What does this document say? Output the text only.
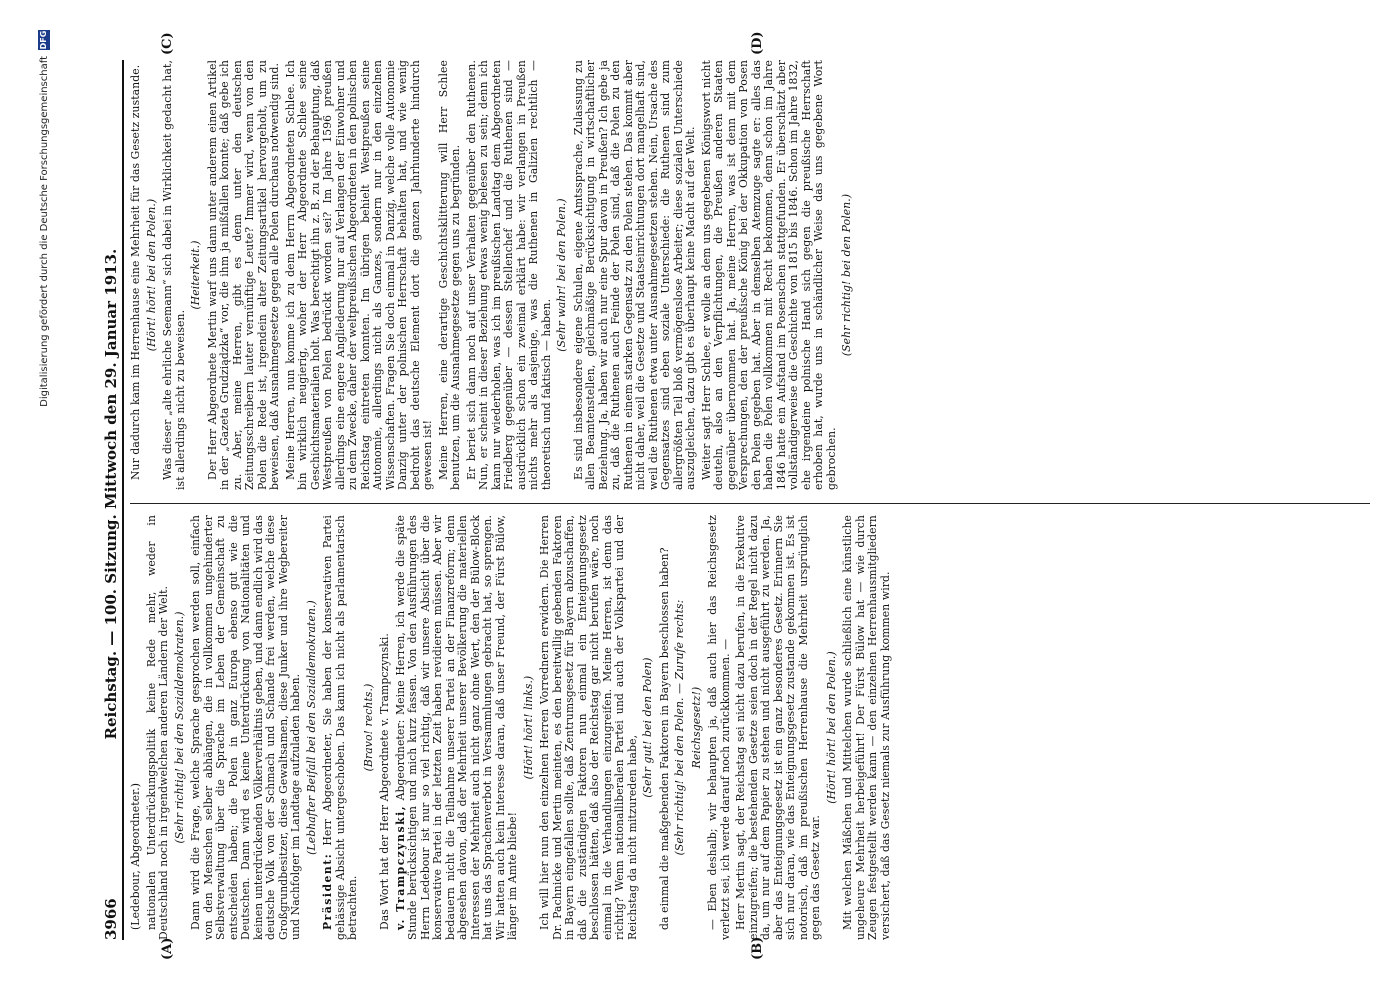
Digitalisierung gefördert durch die Deutsche Forschungsgemeinschaft
DFG
3966
Reichstag. — 100. Sitzung. Mittwoch den 29. Januar 1913.
(A)	(B)
(C)	(D)

(Ledebour, Abgeordneter.) nationalen Unterdrückungspolitik keine Rede mehr, weder in Deutschland noch in irgendwelchen anderen Ländern der Welt. (Sehr richtig! bei den Sozialdemokraten.) Dann wird die Frage, welche Sprache gesprochen werden soll, einfach von den Menschen selber abhängen, die in vollkommen ungehinderter Selbstverwaltung über die Sprache im Leben der Gemeinschaft zu entscheiden haben; die Polen in ganz Europa ebenso gut wie die Deutschen. Dann wird es keine Unterdrückung von Nationalitäten und keinen unterdrückenden Völkerverhältnis geben, und dann endlich wird das deutsche Volk von der Schmach und Schande frei werden, welche diese Großgrundbesitzer, diese Gewaltsamen, diese Junker und ihre Wegbereiter und Nachfolger im Landtage aufzuladen haben. (Lebhafter Beifall bei den Sozialdemokraten.)

Präsident: Herr Abgeordneter, Sie haben der konservativen Partei gehässige Absicht untergeschoben. Das kann ich nicht als parlamentarisch betrachten.

(Bravo! rechts.) Das Wort hat der Herr Abgeordnete v. Trampczynski. v. Trampczynski, Abgeordneter: Meine Herren, ich werde die späte Stunde berücksichtigen und mich kurz fassen. Von den Ausführungen des Herrn Ledebour ist nur so viel richtig, daß wir unsere Absicht über die konservative Partei in der letzten Zeit haben revidieren müssen. Aber wir bedauern nicht die Teilnahme unserer Partei an der Finanzreform; denn abgesehen davon, daß der Mehrheit unserer Bevölkerung die materiellen Interessen der Mehrheit auch nicht ganz ohne Wert, den der Bülow-Block hat uns das Sprachenverbot in Versammlungen gebracht hat, so sprengen. Wir hatten auch kein Interesse daran, daß unser Freund, der Fürst Bülow, länger im Amte bliebe!

(Hört! hört! links.) Ich will hier nun den einzelnen Herren Vorrednern erwidern. Die Herren Dr. Pachnicke und Mertin meinten, es den bereitwillig gebenden Faktoren in Bayern eingefallen sollte, daß Zentrumsgesetz für Bayern abzuschaffen, daß die zuständigen Faktoren nun einmal ein Enteignungsgesetz beschlossen hätten, daß also der Reichstag gar nicht berufen wäre, noch einmal in die Verhandlungen einzugreifen. Meine Herren, ist denn das richtig? Wenn nationalliberalen Partei und auch der Volkspartei und der Reichstag da nicht mitzureden habe,

(Sehr gut! bei den Polen) da einmal die maßgebenden Faktoren in Bayern beschlossen haben? (Sehr richtig! bei den Polen. — Zurufe rechts: Reichsgesetz!) — Eben deshalb; wir behaupten ja, daß auch hier das Reichsgesetz verletzt sei, ich werde darauf noch zurückkommen. — Herr Mertin sagt, der Reichstag sei nicht dazu berufen, in die Exekutive einzugreifen; die bestehenden Gesetze seien doch in der Regel nicht dazu da, um nur auf dem Papier zu stehen und nicht ausgeführt zu werden. Ja, aber das Enteignungsgesetz ist ein ganz besonderes Gesetz. Erinnern Sie sich nur daran, wie das Enteignungsgesetz zustande gekommen ist. Es ist notorisch, daß im preußischen Herrenhause die Mehrheit ursprünglich gegen das Gesetz war.

(Hört! hört! bei den Polen.) Mit welchen Mäßchen und Mittelchen wurde schließlich eine künstliche ungeheure Mehrheit herbeigeführt! Der Fürst Bülow hat — wie durch Zeugen festgestellt werden kann — den einzelnen Herrenhausmitgliedern versichert, daß das Gesetz niemals zur Ausführung kommen wird.

Nur dadurch kam im Herrenhause eine Mehrheit für das Gesetz zustande. (Hört! hört! bei den Polen.) Was dieser „alte ehrliche Seemann“ sich dabei in Wirklichkeit gedacht hat, ist allerdings nicht zu beweisen.

(Heiterkeit.) Der Herr Abgeordnete Mertin warf uns dann unter anderem einen Artikel in der „Gazeta Grudziądzka“ vor, die ihm ja mißfallen konnte; daß gebe ich zu. Aber, meine Herren, gibt es denn unter den deutschen Zeitungsschreibern lauter vernünftige Leute? Immer wird, wenn von den Polen die Rede ist, irgendein alter Zeitungsartikel hervorgeholt, um zu beweisen, daß Ausnahmegesetze gegen alle Polen durchaus notwendig sind. Meine Herren, nun komme ich zu dem Herrn Abgeordneten Schlee. Ich bin wirklich neugierig, woher der Herr Abgeordnete Schlee seine Geschichtsmaterialien holt. Was berechtigt ihn z. B. zu der Behauptung, daß Westpreußen von Polen bedrückt worden sei? Im Jahre 1596 preußen allerdings eine engere Angliederung nur auf Verlangen der Einwohner und zu dem Zwecke, daher der weltpreußischen Abgeordneten in den polnischen Reichstag eintreten konnten. Im übrigen behielt Westpreußen seine Autonomie, allerdings nicht als Ganzes, sondern nur in den einzelnen Wissenschaften. Fragen Sie doch einmal in Danzig, welche volle Autonomie Danzig unter der polnischen Herrschaft behalten hat, und wie wenig bedroht das deutsche Element dort die ganzen Jahrhunderte hindurch gewesen ist! Meine Herren, eine derartige Geschichtsklitterung will Herr Schlee benutzen, um die Ausnahmegesetze gegen uns zu begründen. Er beriet sich dann noch auf unser Verhalten gegenüber den Ruthenen. Nun, er scheint in dieser Beziehung etwas wenig belesen zu sein; denn ich kann nur wiederholen, was ich im preußischen Landtag dem Abgeordneten Friedberg gegenüber — dessen Stellenchef und die Ruthenen sind — ausdrücklich schon ein zweimal erklärt habe: wir verlangen in Preußen nichts mehr als dasjenige, was die Ruthenen in Galizien rechtlich — theoretisch und faktisch — haben.

(Sehr wahr! bei den Polen.) Es sind insbesondere eigene Schulen, eigene Amtssprache, Zulassung zu allen Beamtenstellen, gleichmäßige Berücksichtigung in wirtschaftlicher Beziehung. Ja, haben wir auch nur eine Spur davon in Preußen? Ich gebe ja zu, daß die Ruthenen auch Feinde der Polen sind, daß die Polen zu den Ruthenen in einem starken Gegensatz zu den Polen stehen. Das kommt aber nicht daher, weil die Gesetze und Staatseinrichtungen dort mangelhaft sind, weil die Ruthenen etwa unter Ausnahmegesetzen stehen. Nein, Ursache des Gegensatzes sind eben soziale Unterschiede: die Ruthenen sind zum allergrößten Teil bloß vermögenslose Arbeiter; diese sozialen Unterschiede auszugleichen, dazu gibt es überhaupt keine Macht auf der Welt. Weiter sagt Herr Schlee, er wolle an dem uns gegebenen Königswort nicht deuteln, also an den Verpflichtungen, die Preußen anderen Staaten gegenüber übernommen hat. Ja, meine Herren, was ist denn mit dem Versprechungen, den der preußische König bei der Okkupation von Posen den Polen gegeben hat. Aber in demselben Atemzuge sagte er: alles das haben die Polen vollkommen mit Recht bekommen, denn schon im Jahre 1846 hatte ein Aufstand im Posenschen stattgefunden. Er überschätzt aber vollständigerweise die Geschichte von 1815 bis 1846. Schon im Jahre 1832, ehe irgendeine polnische Hand sich gegen die preußische Herrschaft erhoben hat, wurde uns in schändlicher Weise das uns gegebene Wort gebrochen.

(Sehr richtig! bei den Polen.)
